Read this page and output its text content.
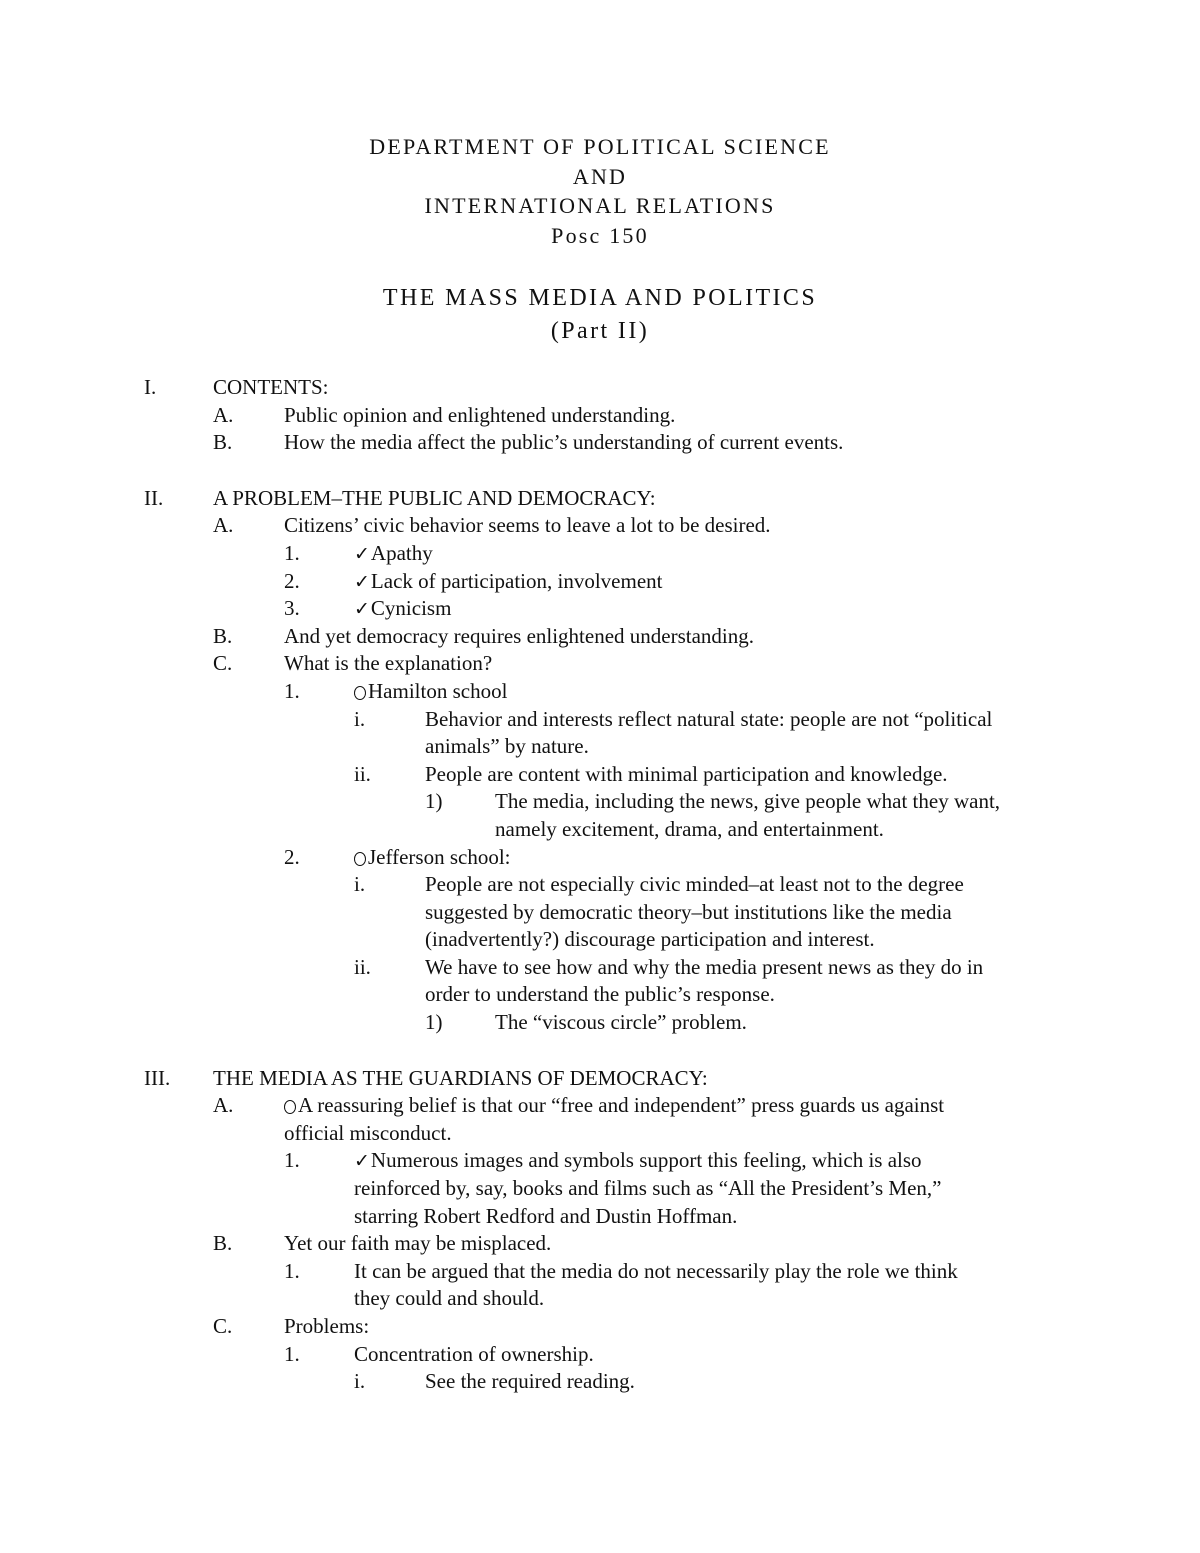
DEPARTMENT OF POLITICAL SCIENCE
AND
INTERNATIONAL RELATIONS
Posc 150
THE MASS MEDIA AND POLITICS
(Part II)
I.	CONTENTS:
A. Public opinion and enlightened understanding.
B. How the media affect the public’s understanding of current events.
II. A PROBLEM–THE PUBLIC AND DEMOCRACY:
A. Citizens’ civic behavior seems to leave a lot to be desired.
1.	✓Apathy
2.	✓Lack of participation, involvement
3.	✓Cynicism
B. And yet democracy requires enlightened understanding.
C. What is the explanation?
1.	Hamilton school
i.	Behavior and interests reflect natural state: people are not “political
animals” by nature.
ii.	People are content with minimal participation and knowledge.
1)	The media, including the news, give people what they want,
namely excitement, drama, and entertainment.
2.	Jefferson school:
i.	People are not especially civic minded–at least not to the degree
suggested by democratic theory–but institutions like the media
(inadvertently?) discourage participation and interest.
ii.	We have to see how and why the media present news as they do in
order to understand the public’s response.
1)	The “viscous circle” problem.
III. THE MEDIA AS THE GUARDIANS OF DEMOCRACY:
A.	A reassuring belief is that our “free and independent” press guards us against
official misconduct.
1.	✓Numerous images and symbols support this feeling, which is also
reinforced by, say, books and films such as “All the President’s Men,”
starring Robert Redford and Dustin Hoffman.
B. Yet our faith may be misplaced.
1.	It can be argued that the media do not necessarily play the role we think
they could and should.
C. Problems:
1.	Concentration of ownership.
i.	See the required reading.
